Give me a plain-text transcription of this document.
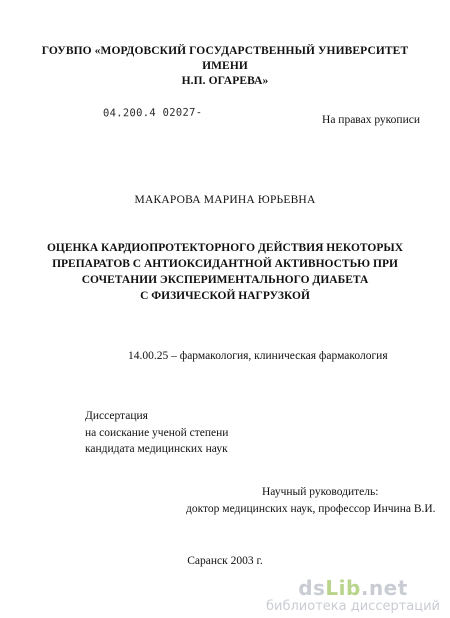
ГОУВПО «МОРДОВСКИЙ ГОСУДАРСТВЕННЫЙ УНИВЕРСИТЕТ ИМЕНИ
Н.П. ОГАРЕВА»
04.200.4 02027-
На правах рукописи
МАКАРОВА МАРИНА ЮРЬЕВНА
ОЦЕНКА КАРДИОПРОТЕКТОРНОГО ДЕЙСТВИЯ НЕКОТОРЫХ
ПРЕПАРАТОВ С АНТИОКСИДАНТНОЙ АКТИВНОСТЬЮ ПРИ
СОЧЕТАНИИ ЭКСПЕРИМЕНТАЛЬНОГО ДИАБЕТА
С ФИЗИЧЕСКОЙ НАГРУЗКОЙ
14.00.25 – фармакология, клиническая фармакология
Диссертация
на соискание ученой степени
кандидата медицинских наук
Научный руководитель:
доктор медицинских наук, профессор Инчина В.И.
Саранск 2003 г.
dsLib.net
библиотека диссертаций
